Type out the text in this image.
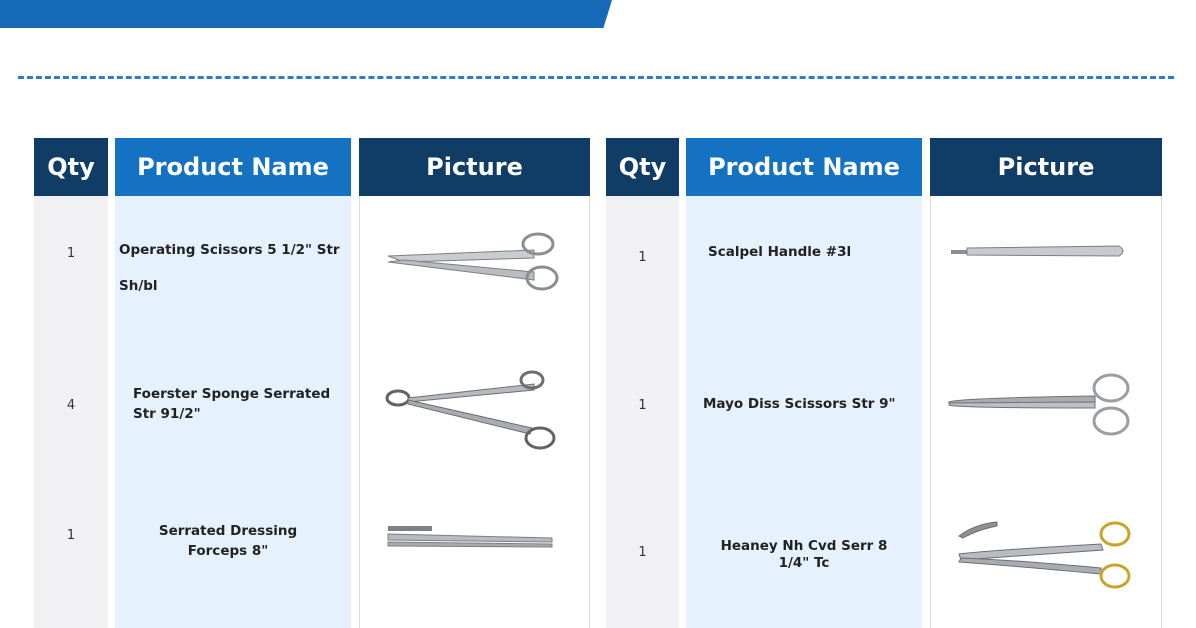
Qty
1
4
1
Product Name
Operating Scissors 5 1/2" Str
Sh/bl
Foerster Sponge Serrated
Str 91/2"
Serrated Dressing
Forceps 8"
Picture	Qty
1
1
1
Product Name
Scalpel Handle #3l
Mayo Diss Scissors Str 9"
Heaney Nh Cvd Serr 8
1/4" Tc
Picture
